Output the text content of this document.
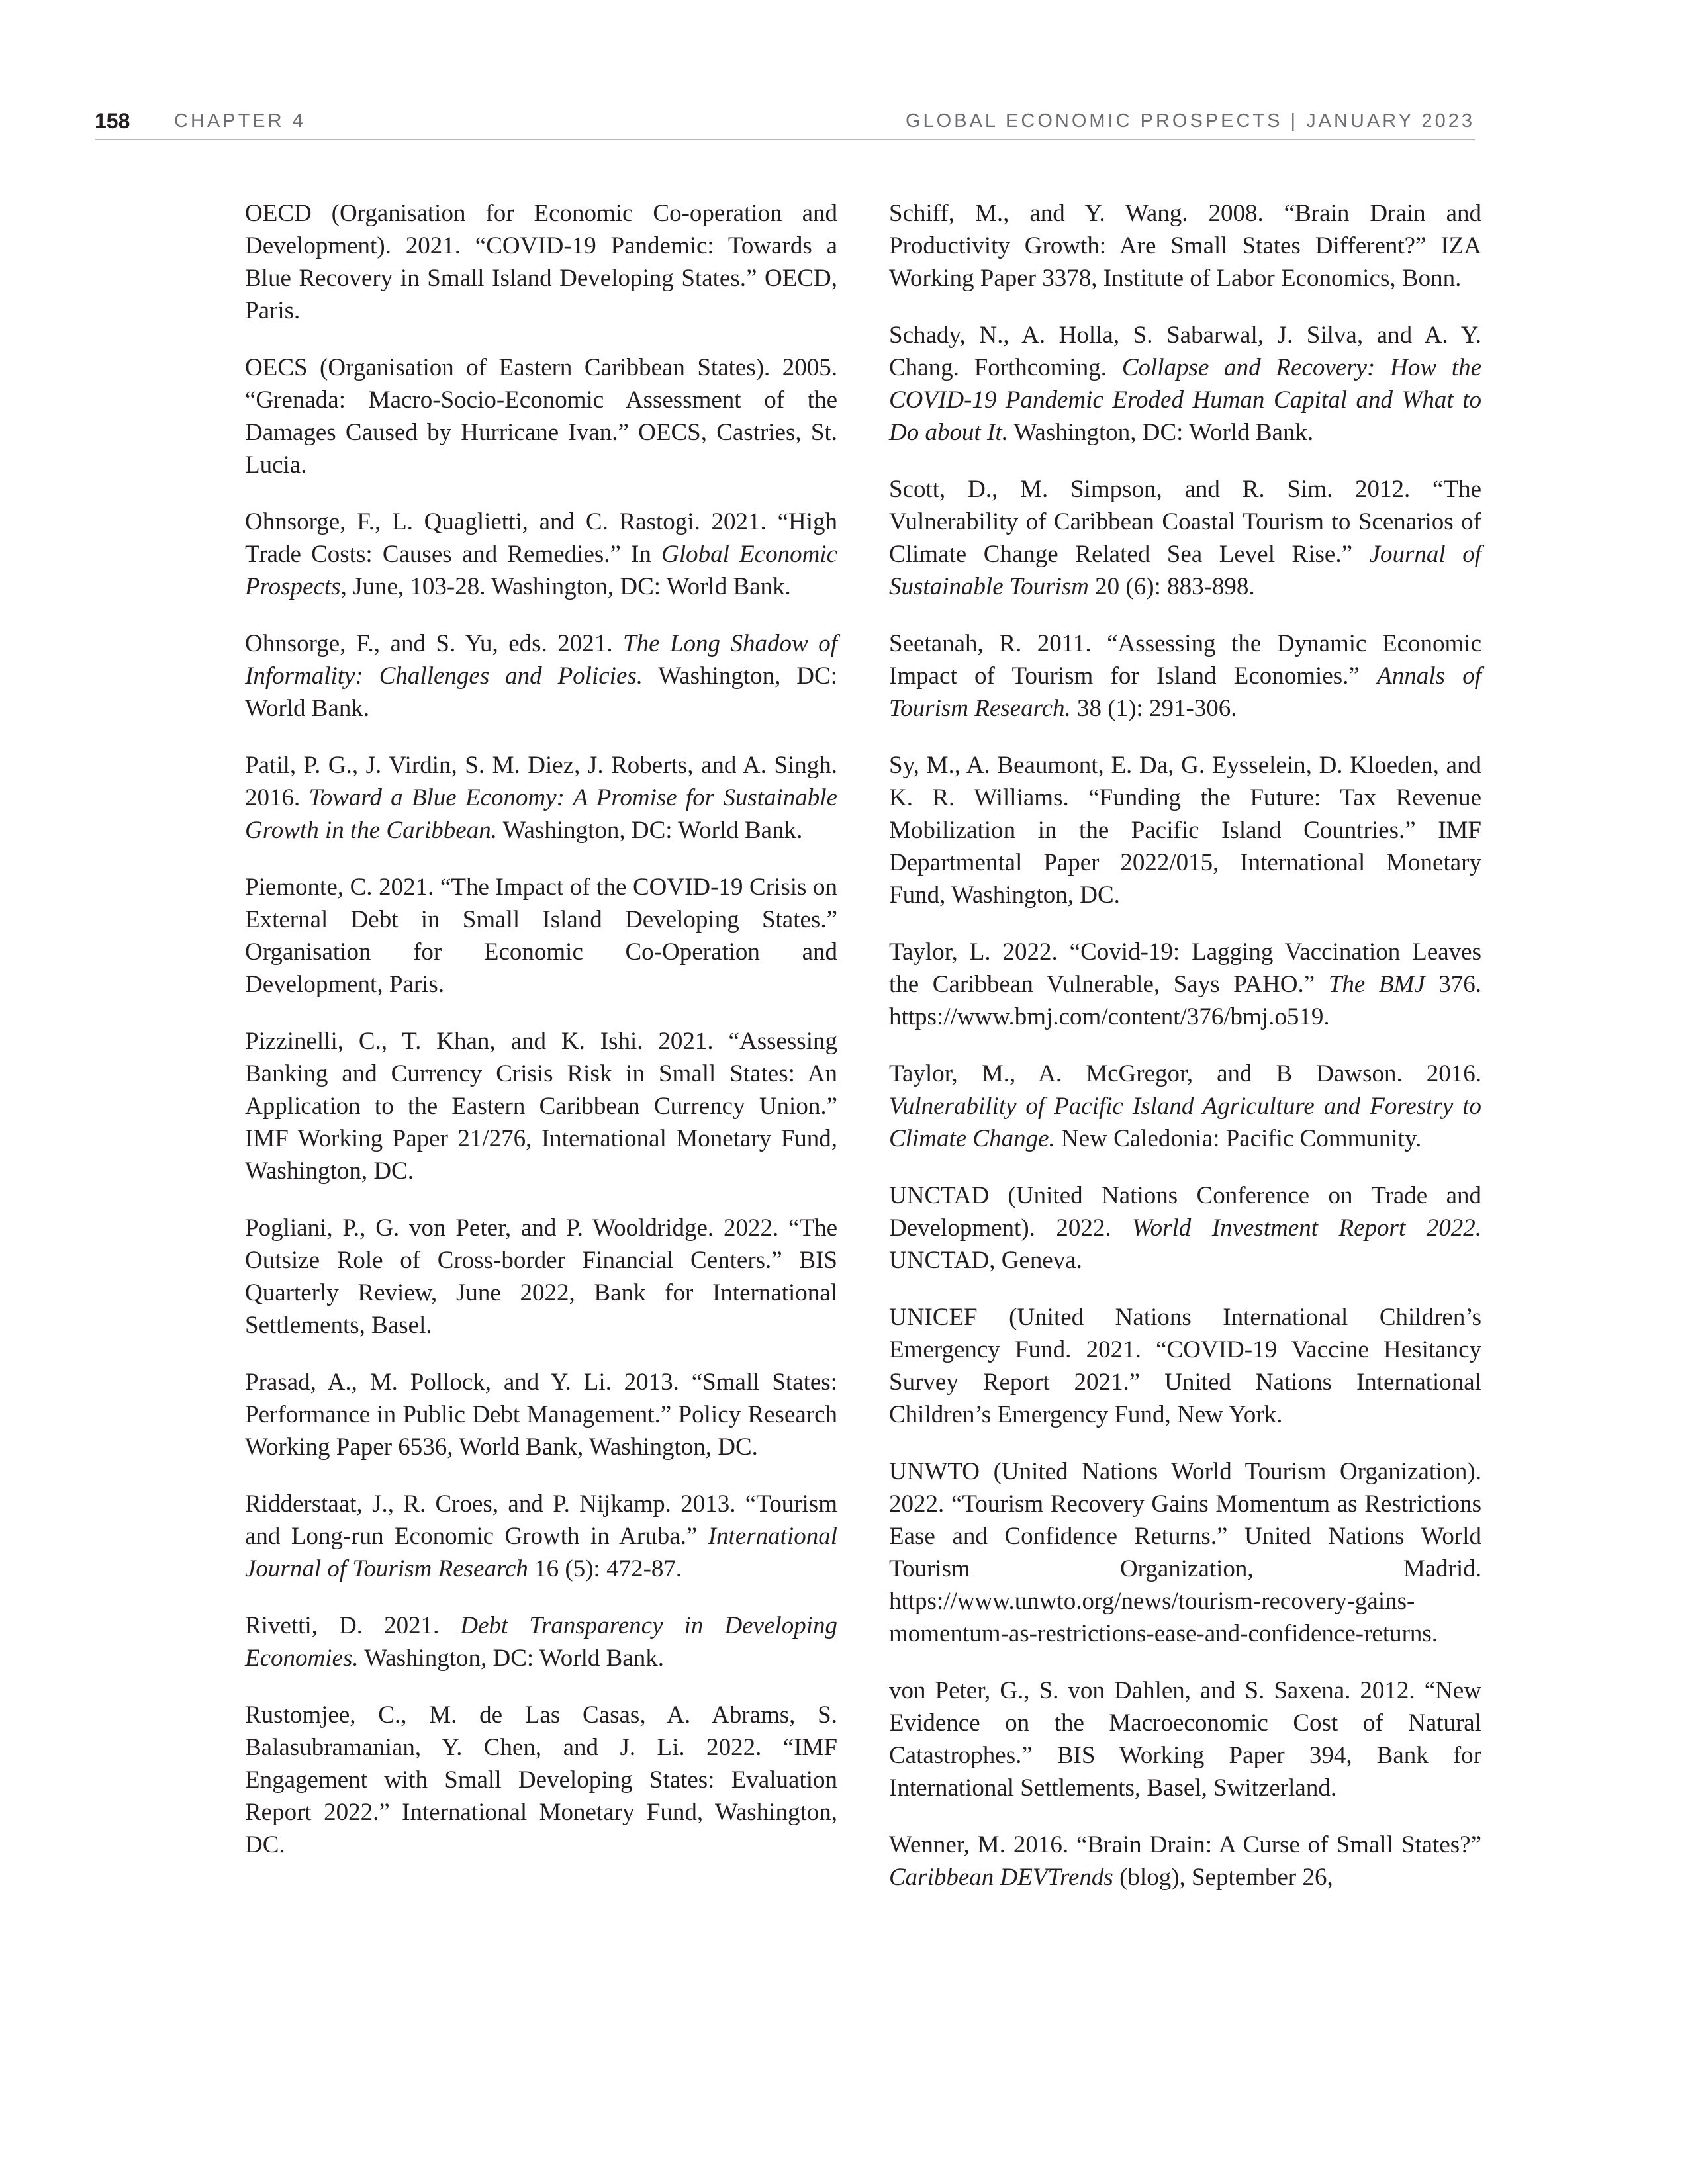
158 CHAPTER 4	GLOBAL ECONOMIC PROSPECTS | JANUARY 2023

OECD (Organisation for Economic Co-operation and Development). 2021. “COVID-19 Pandemic: Towards a Blue Recovery in Small Island Developing States.” OECD, Paris.

OECS (Organisation of Eastern Caribbean States). 2005. “Grenada: Macro-Socio-Economic Assessment of the Damages Caused by Hurricane Ivan.” OECS, Castries, St. Lucia.

Ohnsorge, F., L. Quaglietti, and C. Rastogi. 2021. “High Trade Costs: Causes and Remedies.” In Global Economic Prospects, June, 103-28. Washington, DC: World Bank.

Ohnsorge, F., and S. Yu, eds. 2021. The Long Shadow of Informality: Challenges and Policies. Washington, DC: World Bank.

Patil, P. G., J. Virdin, S. M. Diez, J. Roberts, and A. Singh. 2016. Toward a Blue Economy: A Promise for Sustainable Growth in the Caribbean. Washington, DC: World Bank.

Piemonte, C. 2021. “The Impact of the COVID-19 Crisis on External Debt in Small Island Developing States.” Organisation for Economic Co-Operation and Development, Paris.

Pizzinelli, C., T. Khan, and K. Ishi. 2021. “Assessing Banking and Currency Crisis Risk in Small States: An Application to the Eastern Caribbean Currency Union.” IMF Working Paper 21/276, International Monetary Fund, Washington, DC.

Pogliani, P., G. von Peter, and P. Wooldridge. 2022. “The Outsize Role of Cross-border Financial Centers.” BIS Quarterly Review, June 2022, Bank for International Settlements, Basel.

Prasad, A., M. Pollock, and Y. Li. 2013. “Small States: Performance in Public Debt Management.” Policy Research Working Paper 6536, World Bank, Washington, DC.

Ridderstaat, J., R. Croes, and P. Nijkamp. 2013. “Tourism and Long-run Economic Growth in Aruba.” International Journal of Tourism Research 16 (5): 472-87.

Rivetti, D. 2021. Debt Transparency in Developing Economies. Washington, DC: World Bank.

Rustomjee, C., M. de Las Casas, A. Abrams, S. Balasubramanian, Y. Chen, and J. Li. 2022. “IMF Engagement with Small Developing States: Evaluation Report 2022.” International Monetary Fund, Washington, DC.

Schiff, M., and Y. Wang. 2008. “Brain Drain and Productivity Growth: Are Small States Different?” IZA Working Paper 3378, Institute of Labor Economics, Bonn.

Schady, N., A. Holla, S. Sabarwal, J. Silva, and A. Y. Chang. Forthcoming. Collapse and Recovery: How the COVID-19 Pandemic Eroded Human Capital and What to Do about It. Washington, DC: World Bank.

Scott, D., M. Simpson, and R. Sim. 2012. “The Vulnerability of Caribbean Coastal Tourism to Scenarios of Climate Change Related Sea Level Rise.” Journal of Sustainable Tourism 20 (6): 883-898.

Seetanah, R. 2011. “Assessing the Dynamic Economic Impact of Tourism for Island Economies.” Annals of Tourism Research. 38 (1): 291-306.

Sy, M., A. Beaumont, E. Da, G. Eysselein, D. Kloeden, and K. R. Williams. “Funding the Future: Tax Revenue Mobilization in the Pacific Island Countries.” IMF Departmental Paper 2022/015, International Monetary Fund, Washington, DC.

Taylor, L. 2022. “Covid-19: Lagging Vaccination Leaves the Caribbean Vulnerable, Says PAHO.” The BMJ 376. https://www.bmj.com/content/376/bmj.o519.

Taylor, M., A. McGregor, and B Dawson. 2016. Vulnerability of Pacific Island Agriculture and Forestry to Climate Change. New Caledonia: Pacific Community.

UNCTAD (United Nations Conference on Trade and Development). 2022. World Investment Report 2022. UNCTAD, Geneva.

UNICEF (United Nations International Children’s Emergency Fund. 2021. “COVID-19 Vaccine Hesitancy Survey Report 2021.” United Nations International Children’s Emergency Fund, New York.

UNWTO (United Nations World Tourism Organization). 2022. “Tourism Recovery Gains Momentum as Restrictions Ease and Confidence Returns.” United Nations World Tourism Organization, Madrid. https://www.unwto.org/news/tourism-recovery-gains-momentum-as-restrictions-ease-and-confidence-returns.

von Peter, G., S. von Dahlen, and S. Saxena. 2012. “New Evidence on the Macroeconomic Cost of Natural Catastrophes.” BIS Working Paper 394, Bank for International Settlements, Basel, Switzerland.

Wenner, M. 2016. “Brain Drain: A Curse of Small States?” Caribbean DEVTrends (blog), September 26,
